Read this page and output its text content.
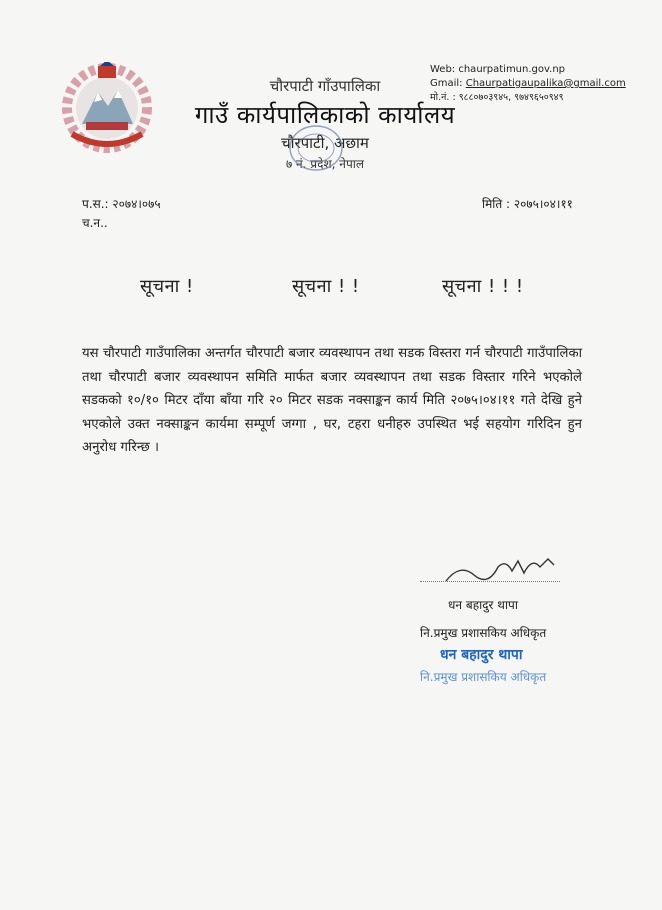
चौरपाटी गाँउपालिका
गाउँ कार्यपालिकाको कार्यालय
चौरपाटी, अछाम
७ नं. प्रदेश, नेपाल
Web: chaurpatimun.gov.np
Gmail: Chaurpatigaupalika@gmail.com
मो.नं. : ९८८०७०३९४५, ९७४९६५०९४९
प.स.: २०७४।०७५
च.न..
मिति : २०७५।०४।११
सूचना !	सूचना ! !	सूचना ! ! !
यस चौरपाटी गाउँपालिका अन्तर्गत चौरपाटी बजार व्यवस्थापन तथा सडक विस्तरा गर्न चौरपाटी गाउँपालिका तथा चौरपाटी बजार व्यवस्थापन समिति मार्फत बजार व्यवस्थापन तथा सडक विस्तार गरिने भएकोले सडकको १०/१० मिटर दाँया बाँया गरि २० मिटर सडक नक्साङ्कन कार्य मिति २०७५।०४।११ गते देखि हुने भएकोले उक्त नक्साङ्कन कार्यमा सम्पूर्ण जग्गा , घर, टहरा धनीहरु उपस्थित भई सहयोग गरिदिन हुन अनुरोध गरिन्छ ।
धन बहादुर थापा
नि.प्रमुख प्रशासकिय अधिकृत
धन बहादुर थापा
नि.प्रमुख प्रशासकिय अधिकृत
